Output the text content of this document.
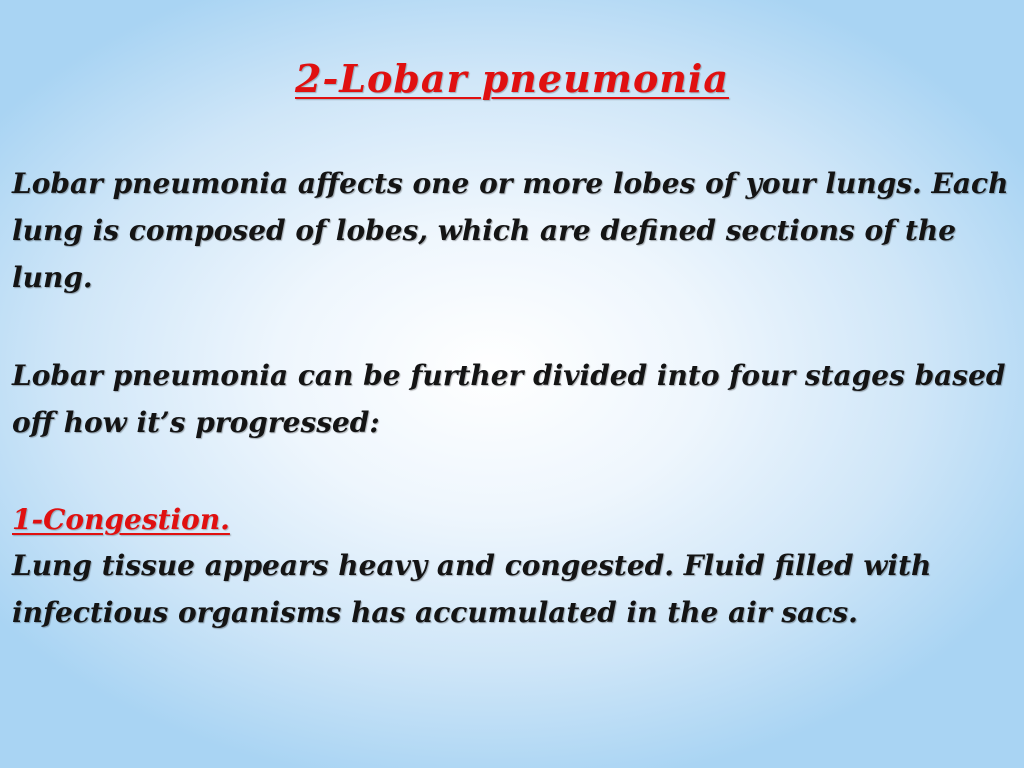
2-Lobar pneumonia

Lobar pneumonia affects one or more lobes of your lungs. Each lung is composed of lobes, which are defined sections of the lung.

Lobar pneumonia can be further divided into four stages based off how it’s progressed:

1-Congestion.

Lung tissue appears heavy and congested. Fluid filled with infectious organisms has accumulated in the air sacs.
